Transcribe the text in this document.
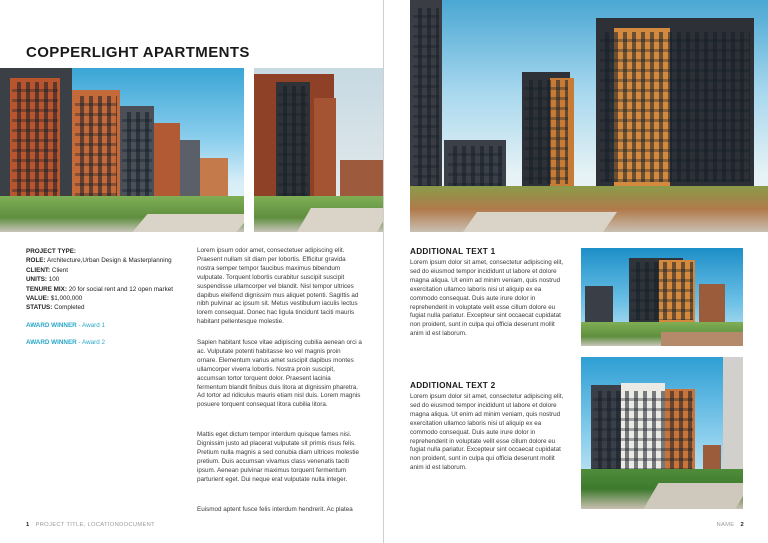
COPPERLIGHT APARTMENTS
PROJECT TYPE:
ROLE: Architecture,Urban Design & Masterplanning
CLIENT: Client
UNITS: 100
TENURE MIX: 20 for social rent and 12 open market
VALUE: $1,000,000
STATUS: Completed
AWARD WINNER - Award 1
AWARD WINNER - Award 2

Lorem ipsum odor amet, consectetuer adipiscing elit. Praesent nullam sit diam per lobortis. Efficitur gravida nostra semper tempor faucibus maximus bibendum vulputate. Torquent lobortis curabitur suscipit suscipit suspendisse ullamcorper vel blandit. Nisl tempor ultrices dapibus eleifend dignissim mus aliquet potenti. Sagittis ad nibh pulvinar ac ipsum sit. Metus vestibulum iaculis lectus lorem consequat. Donec hac ligula tincidunt taciti mauris habitant pellentesque molestie.

Sapien habitant fusce vitae adipiscing cubilia aenean orci a ac. Vulputate potenti habitasse leo vel magnis proin ornare. Elementum varius amet suscipit dapibus montes ullamcorper viverra lobortis. Nostra proin suscipit, accumsan tortor torquent dolor. Praesent lacinia fermentum blandit finibus duis litora at dignissim pharetra. Ad tortor ad ridiculus mauris etiam nisl duis. Lorem magnis posuere torquent consequat litora cubilia litora.

Mattis eget dictum tempor interdum quisque fames nisi. Dignissim justo ad placerat vulputate sit primis risus felis. Pretium nulla magnis a sed conubia diam ultrices molestie pretium. Duis accumsan vivamus class venenatis taciti ipsum. Aenean pulvinar maximus torquent fermentum parturient eget. Dui neque erat vulputate nulla integer.

Euismod aptent fusce felis interdum hendrerit. Ac platea

1 PROJECT TITLE, LOCATIONDOCUMENT
ADDITIONAL TEXT 1

Lorem ipsum dolor sit amet, consectetur adipiscing elit, sed do eiusmod tempor incididunt ut labore et dolore magna aliqua. Ut enim ad minim veniam, quis nostrud exercitation ullamco laboris nisi ut aliquip ex ea commodo consequat. Duis aute irure dolor in reprehenderit in voluptate velit esse cillum dolore eu fugiat nulla pariatur. Excepteur sint occaecat cupidatat non proident, sunt in culpa qui officia deserunt mollit anim id est laborum.

ADDITIONAL TEXT 2

Lorem ipsum dolor sit amet, consectetur adipiscing elit, sed do eiusmod tempor incididunt ut labore et dolore magna aliqua. Ut enim ad minim veniam, quis nostrud exercitation ullamco laboris nisi ut aliquip ex ea commodo consequat. Duis aute irure dolor in reprehenderit in voluptate velit esse cillum dolore eu fugiat nulla pariatur. Excepteur sint occaecat cupidatat non proident, sunt in culpa qui officia deserunt mollit anim id est laborum.

NAME 2
